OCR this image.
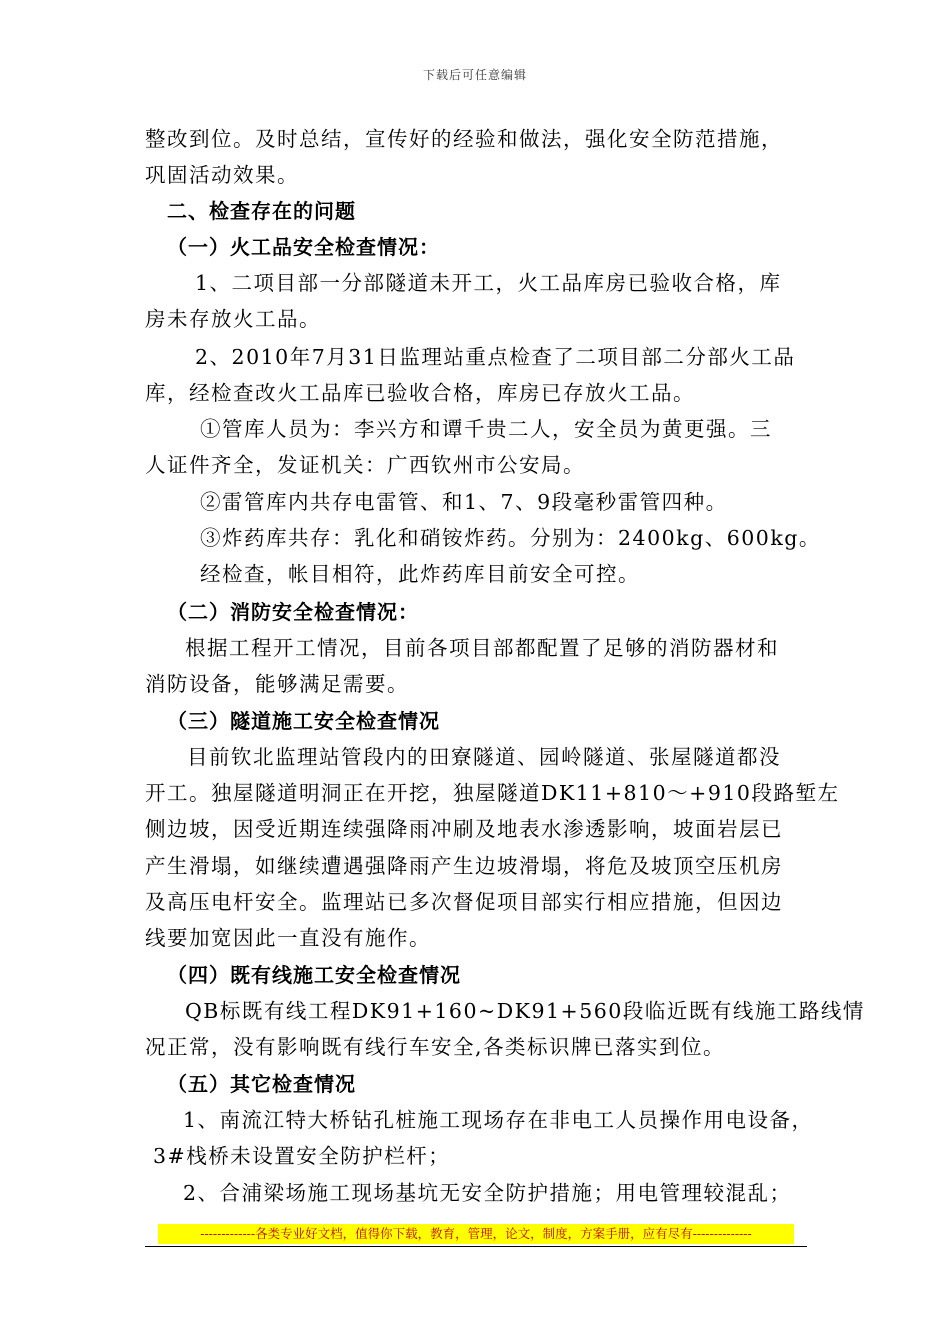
下载后可任意编辑
整改到位。及时总结，宣传好的经验和做法，强化安全防范措施，
巩固活动效果。
二、检查存在的问题
（一）火工品安全检查情况：
1、二项目部一分部隧道未开工，火工品库房已验收合格，库
房未存放火工品。
2、2010年7月31日监理站重点检查了二项目部二分部火工品
库，经检查改火工品库已验收合格，库房已存放火工品。
①管库人员为：李兴方和谭千贵二人，安全员为黄更强。三
人证件齐全，发证机关：广西钦州市公安局。
②雷管库内共存电雷管、和1、7、9段毫秒雷管四种。
③炸药库共存：乳化和硝铵炸药。分别为：2400kg、600kg。
经检查，帐目相符，此炸药库目前安全可控。
（二）消防安全检查情况：
根据工程开工情况，目前各项目部都配置了足够的消防器材和
消防设备，能够满足需要。
（三）隧道施工安全检查情况
目前钦北监理站管段内的田寮隧道、园岭隧道、张屋隧道都没
开工。独屋隧道明洞正在开挖，独屋隧道DK11+810～+910段路堑左
侧边坡，因受近期连续强降雨冲刷及地表水渗透影响，坡面岩层已
产生滑塌，如继续遭遇强降雨产生边坡滑塌，将危及坡顶空压机房
及高压电杆安全。监理站已多次督促项目部实行相应措施，但因边
线要加宽因此一直没有施作。
（四）既有线施工安全检查情况
QB标既有线工程DK91+160~DK91+560段临近既有线施工路线情
况正常，没有影响既有线行车安全,各类标识牌已落实到位。
（五）其它检查情况
1、南流江特大桥钻孔桩施工现场存在非电工人员操作用电设备，
3#栈桥未设置安全防护栏杆；
2、合浦梁场施工现场基坑无安全防护措施；用电管理较混乱；
-------------各类专业好文档，值得你下载，教育，管理，论文，制度，方案手册，应有尽有--------------
